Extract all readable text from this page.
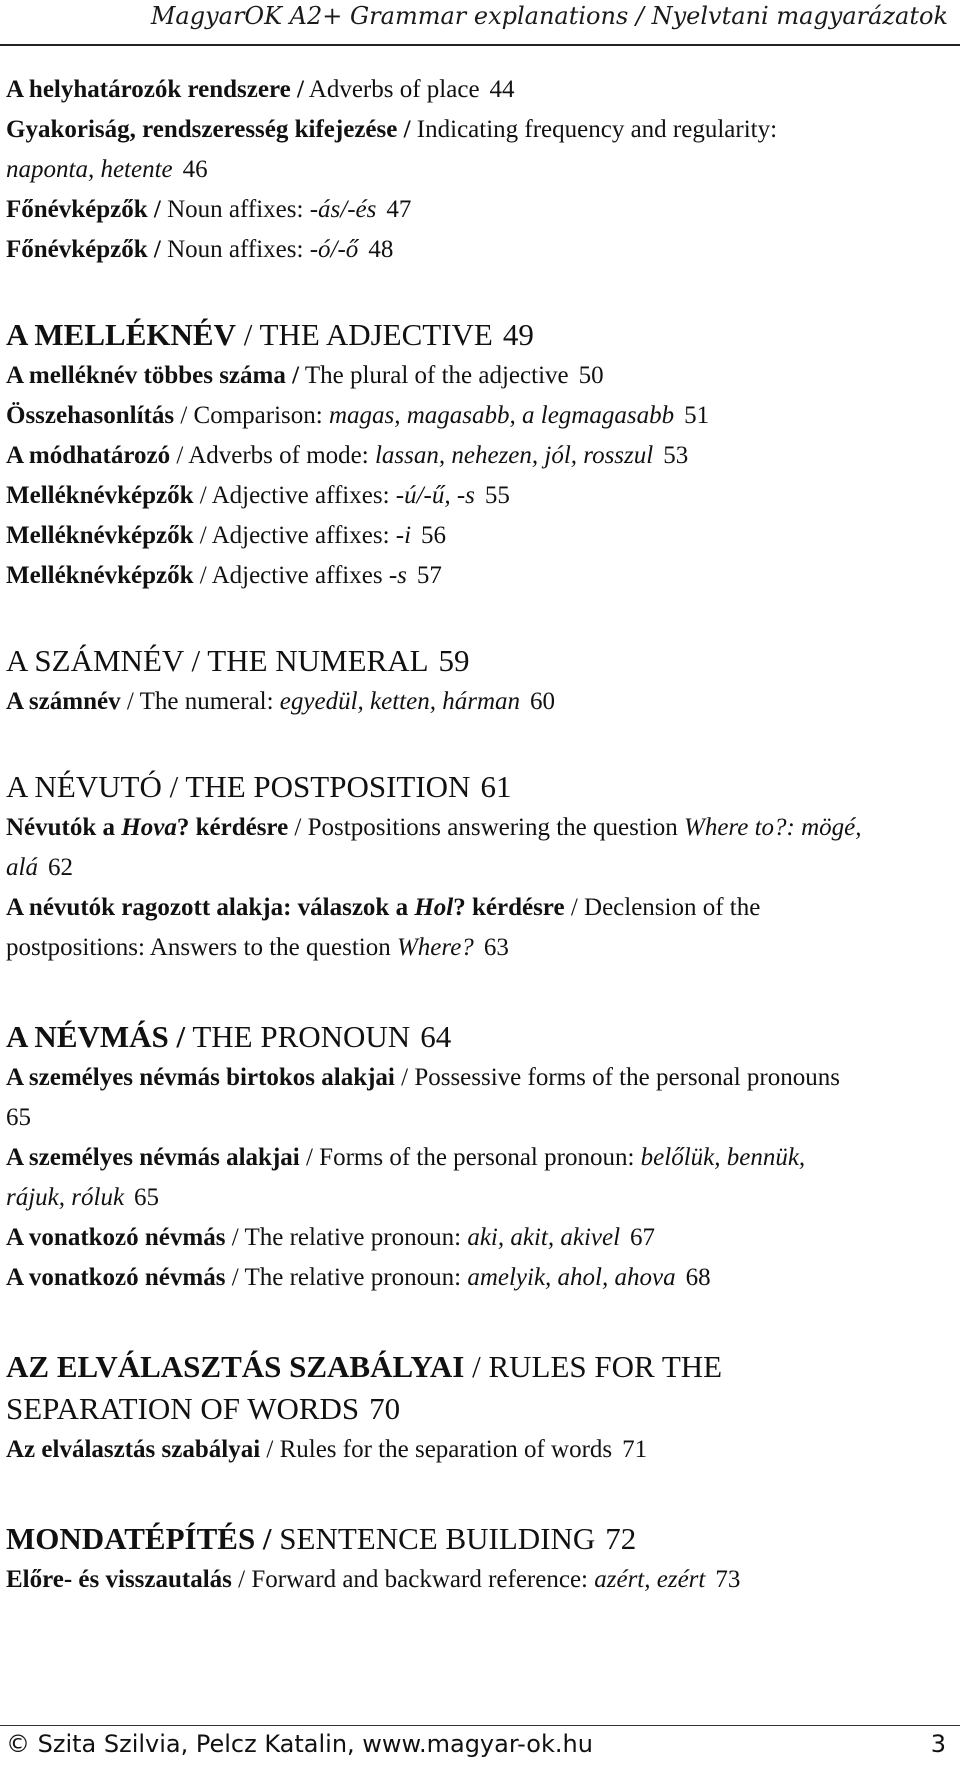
MagyarOK A2+ Grammar explanations / Nyelvtani magyarázatok
A helyhatározók rendszere / Adverbs of place 44
Gyakoriság, rendszeresség kifejezése / Indicating frequency and regularity:
naponta, hetente 46
Főnévképzők / Noun affixes: -ás/-és 47
Főnévképzők / Noun affixes: -ó/-ő 48
A MELLÉKNÉV / THE ADJECTIVE 49
A melléknév többes száma / The plural of the adjective 50
Összehasonlítás / Comparison: magas, magasabb, a legmagasabb 51
A módhatározó / Adverbs of mode: lassan, nehezen, jól, rosszul 53
Melléknévképzők / Adjective affixes: -ú/-ű, -s 55
Melléknévképzők / Adjective affixes: -i 56
Melléknévképzők / Adjective affixes -s 57
A SZÁMNÉV / THE NUMERAL 59
A számnév / The numeral: egyedül, ketten, hárman 60
A NÉVUTÓ / THE POSTPOSITION 61
Névutók a Hova? kérdésre / Postpositions answering the question Where to?: mögé,
alá 62
A névutók ragozott alakja: válaszok a Hol? kérdésre / Declension of the
postpositions: Answers to the question Where? 63
A NÉVMÁS / THE PRONOUN 64
A személyes névmás birtokos alakjai / Possessive forms of the personal pronouns
65
A személyes névmás alakjai / Forms of the personal pronoun: belőlük, bennük,
rájuk, róluk 65
A vonatkozó névmás / The relative pronoun: aki, akit, akivel 67
A vonatkozó névmás / The relative pronoun: amelyik, ahol, ahova 68
AZ ELVÁLASZTÁS SZABÁLYAI / RULES FOR THE
SEPARATION OF WORDS 70
Az elválasztás szabályai / Rules for the separation of words 71
MONDATÉPÍTÉS / SENTENCE BUILDING 72
Előre- és visszautalás / Forward and backward reference: azért, ezért 73
© Szita Szilvia, Pelcz Katalin, www.magyar-ok.hu	3
